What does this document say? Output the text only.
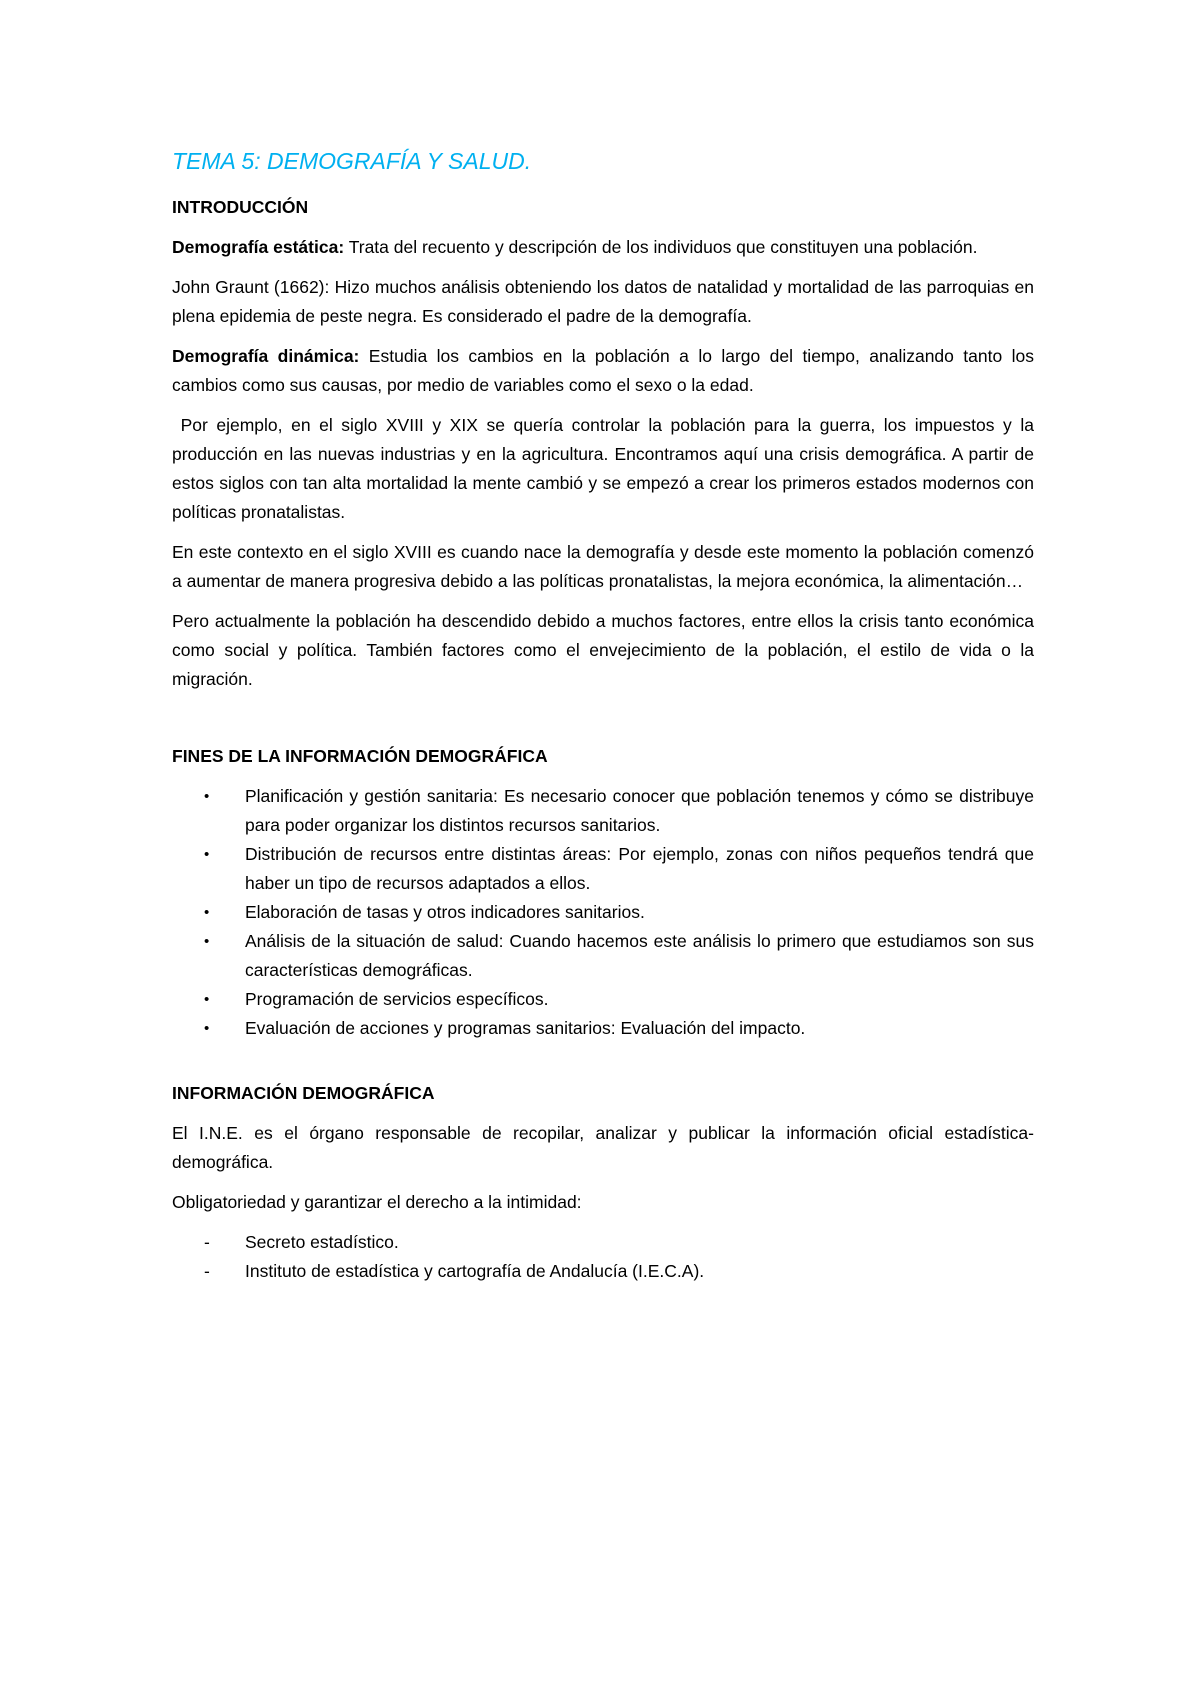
TEMA 5: DEMOGRAFÍA Y SALUD.
INTRODUCCIÓN

Demografía estática: Trata del recuento y descripción de los individuos que constituyen una población.

John Graunt (1662): Hizo muchos análisis obteniendo los datos de natalidad y mortalidad de las parroquias en plena epidemia de peste negra. Es considerado el padre de la demografía.

Demografía dinámica: Estudia los cambios en la población a lo largo del tiempo, analizando tanto los cambios como sus causas, por medio de variables como el sexo o la edad.

Por ejemplo, en el siglo XVIII y XIX se quería controlar la población para la guerra, los impuestos y la producción en las nuevas industrias y en la agricultura. Encontramos aquí una crisis demográfica. A partir de estos siglos con tan alta mortalidad la mente cambió y se empezó a crear los primeros estados modernos con políticas pronatalistas.

En este contexto en el siglo XVIII es cuando nace la demografía y desde este momento la población comenzó a aumentar de manera progresiva debido a las políticas pronatalistas, la mejora económica, la alimentación…

Pero actualmente la población ha descendido debido a muchos factores, entre ellos la crisis tanto económica como social y política. También factores como el envejecimiento de la población, el estilo de vida o la migración.

FINES DE LA INFORMACIÓN DEMOGRÁFICA
• Planificación y gestión sanitaria: Es necesario conocer que población tenemos y cómo se distribuye para poder organizar los distintos recursos sanitarios.
• Distribución de recursos entre distintas áreas: Por ejemplo, zonas con niños pequeños tendrá que haber un tipo de recursos adaptados a ellos.
• Elaboración de tasas y otros indicadores sanitarios.
• Análisis de la situación de salud: Cuando hacemos este análisis lo primero que estudiamos son sus características demográficas.
• Programación de servicios específicos.
• Evaluación de acciones y programas sanitarios: Evaluación del impacto.
INFORMACIÓN DEMOGRÁFICA

El I.N.E. es el órgano responsable de recopilar, analizar y publicar la información oficial estadística-demográfica.

Obligatoriedad y garantizar el derecho a la intimidad:

- Secreto estadístico.
- Instituto de estadística y cartografía de Andalucía (I.E.C.A).
